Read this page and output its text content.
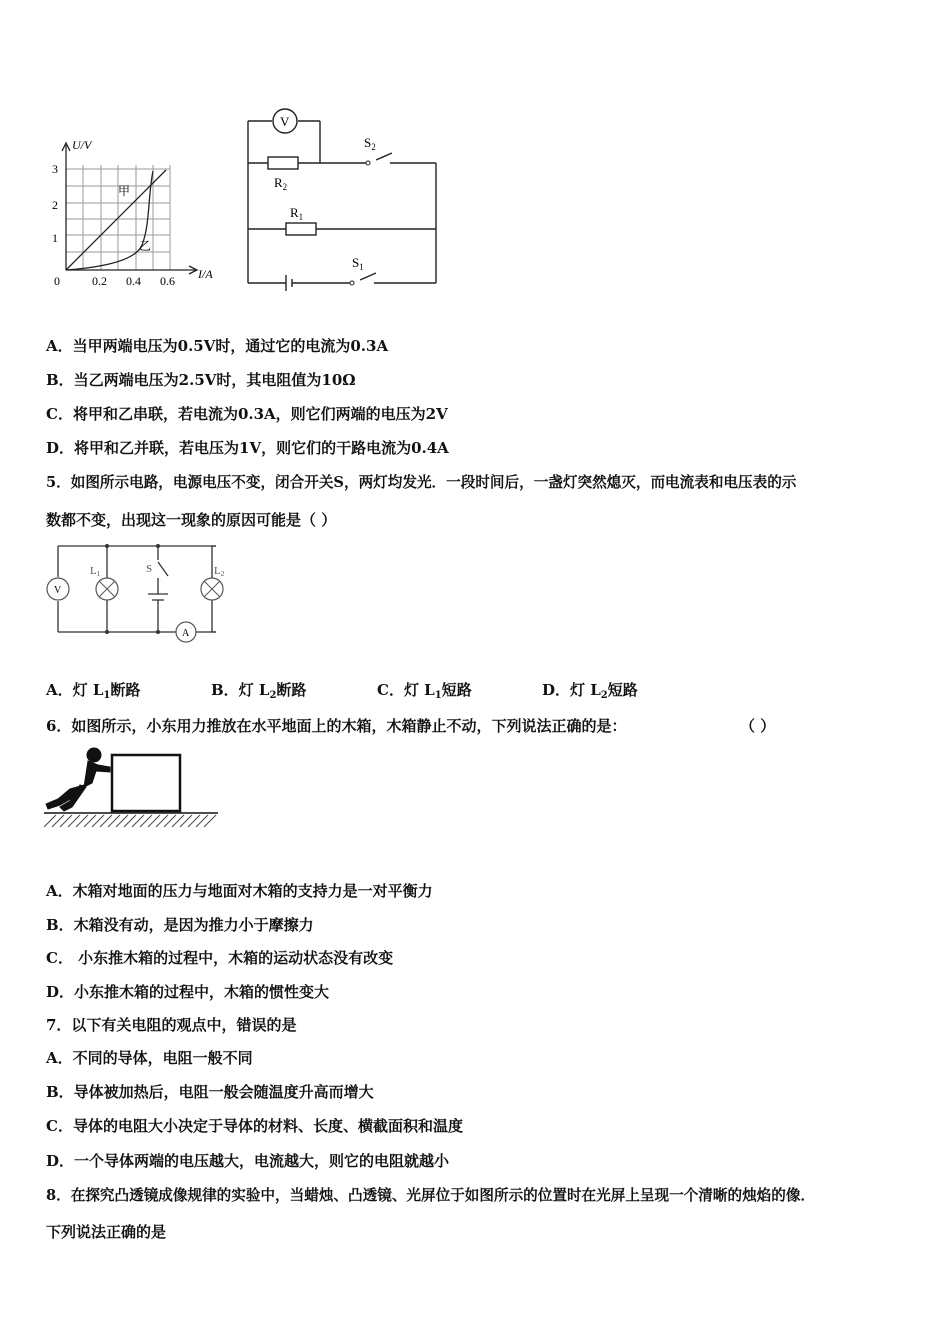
U/V
I/A
3
2
1
0	0.2 0.4 0.6
甲
乙
V
$R_2$
$R_1$
$S_2$
$S_1$
A．当甲两端电压为0.5V时，通过它的电流为0.3A
B．当乙两端电压为2.5V时，其电阻值为10Ω
C．将甲和乙串联，若电流为0.3A，则它们两端的电压为2V
D．将甲和乙并联，若电压为1V，则它们的干路电流为0.4A
5．如图所示电路，电源电压不变，闭合开关S，两灯均发光．一段时间后，一盏灯突然熄灭，而电流表和电压表的示
数都不变，出现这一现象的原因可能是（ ）
V
A
L1	L2
S
A．灯 $L_1$断路	B．灯 $L_2$断路	C．灯 $L_1$短路	D．灯 $L_2$短路
6．如图所示，小东用力推放在水平地面上的木箱，木箱静止不动，下列说法正确的是：	（ ）
A．木箱对地面的压力与地面对木箱的支持力是一对平衡力
B．木箱没有动，是因为推力小于摩擦力
C． 小东推木箱的过程中，木箱的运动状态没有改变
D．小东推木箱的过程中，木箱的惯性变大
7．以下有关电阻的观点中，错误的是
A．不同的导体，电阻一般不同
B．导体被加热后，电阻一般会随温度升高而增大
C．导体的电阻大小决定于导体的材料、长度、横截面积和温度
D．一个导体两端的电压越大，电流越大，则它的电阻就越小
8．在探究凸透镜成像规律的实验中，当蜡烛、凸透镜、光屏位于如图所示的位置时在光屏上呈现一个清晰的烛焰的像．
下列说法正确的是
